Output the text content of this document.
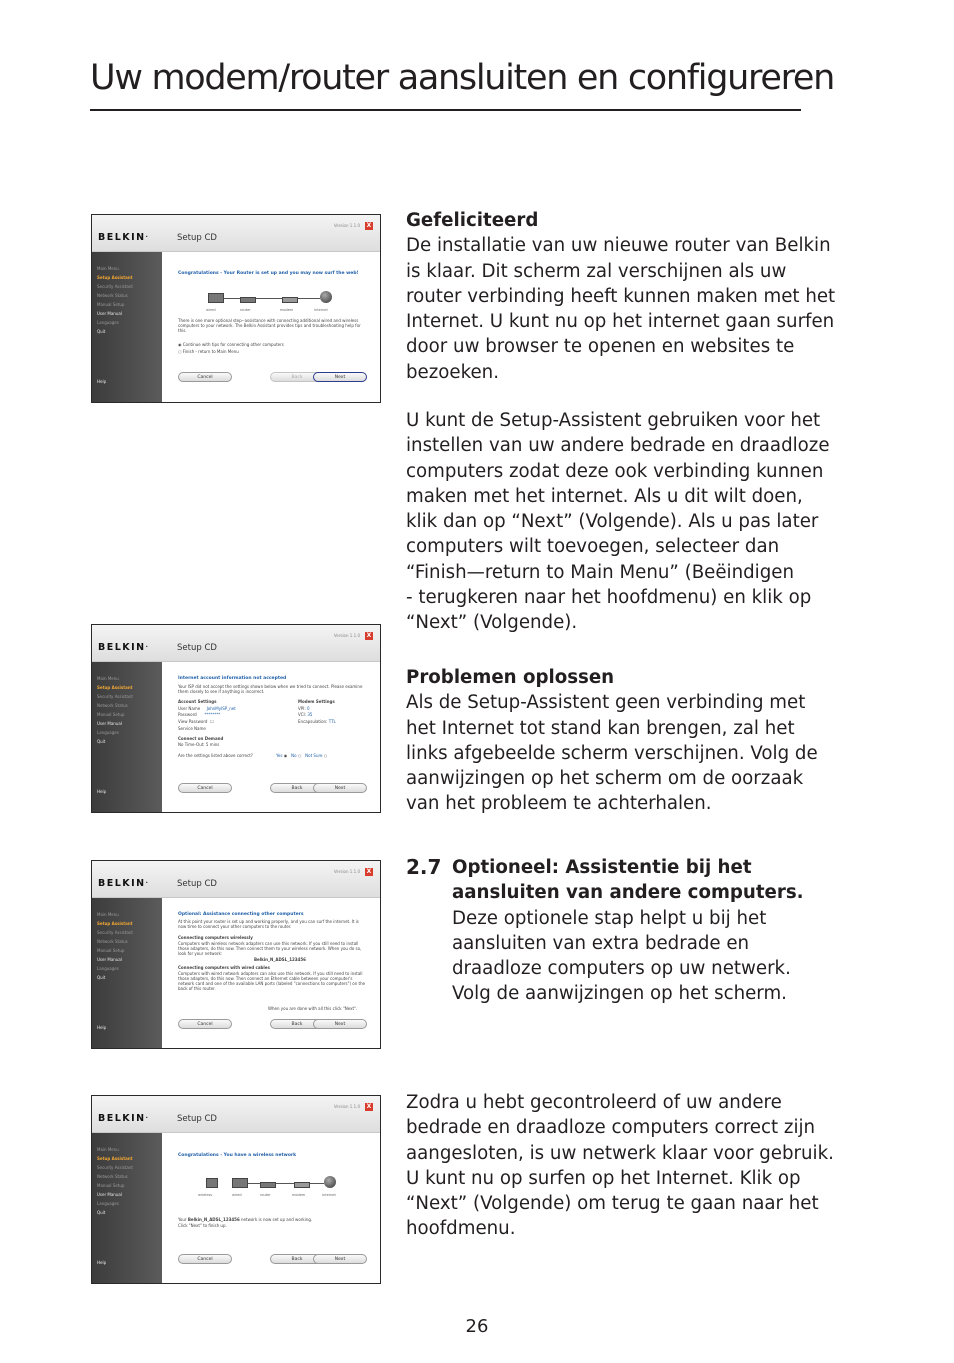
Uw modem/router aansluiten en configureren
BELKIN.	Setup CD
Version 1.1.0 X
Main Menu
Setup Assistant
Security Assistant
Network Status
Manual Setup
User Manual
Languages
Quit
Help
Congratulations - Your Router is set up and you may now surf the web!
wired	router	modem	internet
There is one more optional step--assistance with connecting additional wired and wireless computers to your network. The Belkin Assistant provides tips and troubleshooting help for this.
◉ Continue with tips for connecting other computers
○ Finish - return to Main Menu
Cancel	Back	Next
BELKIN.	Setup CD
Version 1.1.0 X
Main Menu
Setup Assistant
Security Assistant
Network Status
Manual Setup
User Manual
Languages
Quit
Help
Internet account information not accepted
Your ISP did not accept the settings shown below when we tried to connect. Please examine them closely to see if anything is incorrect.
Account Settings	Modem Settings
User Name JohnMyISP_net
Password ********
View Password ☐
VPI: 0
VCI: 35
Encapsulation: TTL
Service Name
Connect on Demand
No Time-Out: 5 mins
Are the settings listed above correct?	Yes ◉ No ○ Not Sure ○
Cancel	Back	Next
BELKIN.	Setup CD
Version 1.1.0 X
Main Menu
Setup Assistant
Security Assistant
Network Status
Manual Setup
User Manual
Languages
Quit
Help
Optional: Assistance connecting other computers
At this point your router is set up and working properly, and you can surf the internet. It is now time to connect your other computers to the router.
Connecting computers wirelessly
Computers with wireless network adapters can use this network. If you still need to install those adapters, do this now. Then connect them to your wireless network. When you do so, look for your network:
Belkin_N_ADSL_123456
Connecting computers with wired cables
Computers with wired network adapters can also use this network. If you still need to install those adapters, do this now. Then connect an Ethernet cable between your computer's network card and one of the available LAN ports (labeled "connections to computers") on the back of this router.
When you are done with all this click "Next".
Cancel	Back	Next
BELKIN.	Setup CD
Version 1.1.0 X
Main Menu
Setup Assistant
Security Assistant
Network Status
Manual Setup
User Manual
Languages
Quit
Help
Congratulations - You have a wireless network
wireless	wired	router	modem	internet
Your Belkin_N_ADSL_123456 network is now set up and working.
Click "Next" to finish up.
Cancel	Back	Next

Gefeliciteerd

De installatie van uw nieuwe router van Belkin

is klaar. Dit scherm zal verschijnen als uw

router verbinding heeft kunnen maken met het

Internet. U kunt nu op het internet gaan surfen

door uw browser te openen en websites te

bezoeken.

U kunt de Setup-Assistent gebruiken voor het

instellen van uw andere bedrade en draadloze

computers zodat deze ook verbinding kunnen

maken met het internet. Als u dit wilt doen,

klik dan op “Next” (Volgende). Als u pas later

computers wilt toevoegen, selecteer dan

“Finish—return to Main Menu” (Beëindigen

- terugkeren naar het hoofdmenu) en klik op

“Next” (Volgende).

Problemen oplossen

Als de Setup-Assistent geen verbinding met

het Internet tot stand kan brengen, zal het

links afgebeelde scherm verschijnen. Volg de

aanwijzingen op het scherm om de oorzaak

van het probleem te achterhalen.

2.7 Optioneel: Assistentie bij het

aansluiten van andere computers.

Deze optionele stap helpt u bij het

aansluiten van extra bedrade en

draadloze computers op uw netwerk.

Volg de aanwijzingen op het scherm.

Zodra u hebt gecontroleerd of uw andere

bedrade en draadloze computers correct zijn

aangesloten, is uw netwerk klaar voor gebruik.

U kunt nu op surfen op het Internet. Klik op

“Next” (Volgende) om terug te gaan naar het

hoofdmenu.

26
